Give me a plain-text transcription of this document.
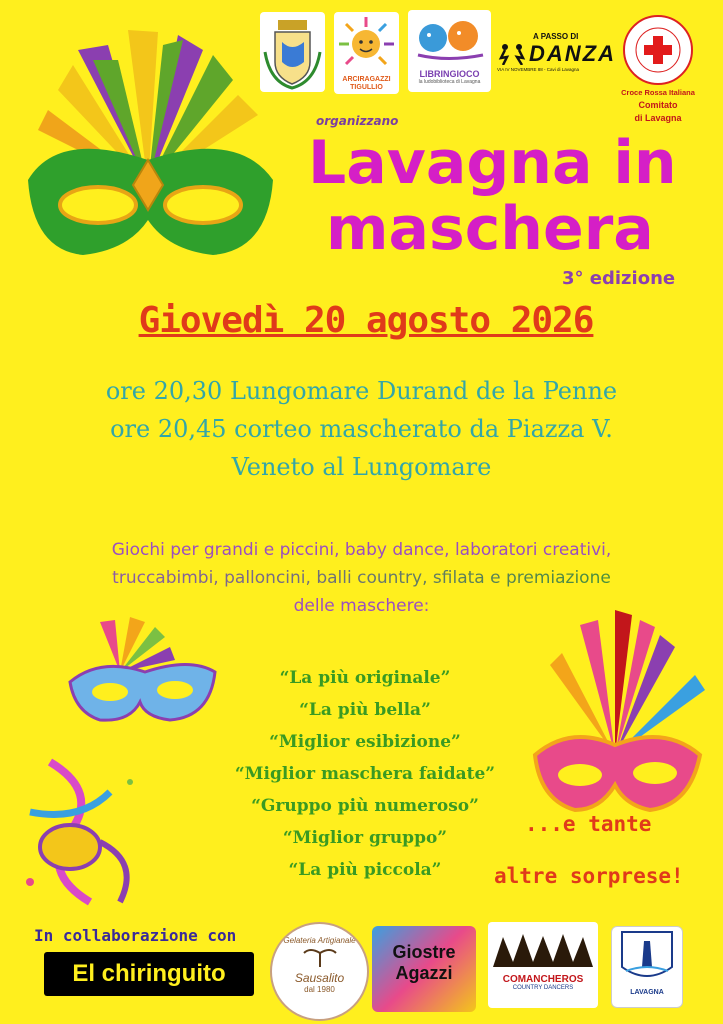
ARCIRAGAZZI TIGULLIO
LIBRINGIOCO
la ludobiblioteca di Lavagna
A PASSO DI
DANZA
VIA IV NOVEMBRE 88 - Cavi di Lavagna
Croce Rossa Italiana
Comitato
di Lavagna
organizzano
Lavagna in
maschera
3° edizione
Giovedì 20 agosto 2026
ore 20,30 Lungomare Durand de la Penne
ore 20,45 corteo mascherato da Piazza V.
Veneto al Lungomare
Giochi per grandi e piccini, baby dance, laboratori creativi,
truccabimbi, palloncini, balli country, sfilata e premiazione
delle maschere:
“La più originale”
“La più bella”
“Miglior esibizione”
“Miglior maschera faidate”
“Gruppo più numeroso”
“Miglior gruppo”
“La più piccola”
...e tante
altre sorprese!
In collaborazione con
El chiringuito
Gelateria Artigianale
Sausalito
dal 1980
Giostre
Agazzi	COMANCHEROS
COUNTRY DANCERS
LAVAGNA
